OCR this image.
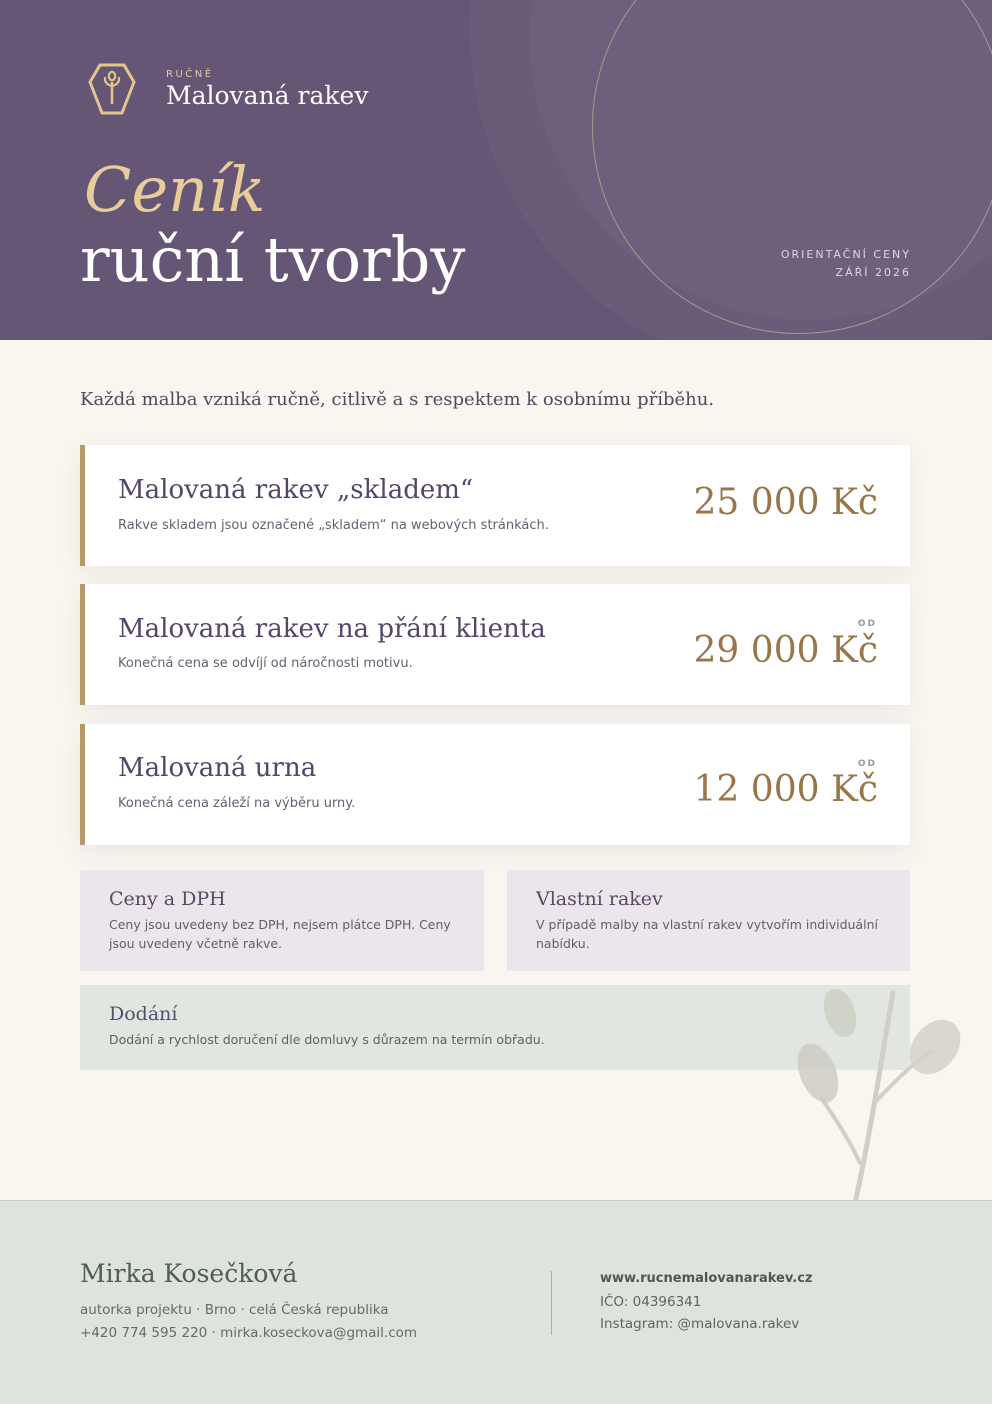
RUČNĚ
Malovaná rakev
Ceník
ruční tvorby	ORIENTAČNÍ CENY
ZÁŘÍ 2026
Každá malba vzniká ručně, citlivě a s respektem k osobnímu příběhu.
Malovaná rakev „skladem“
Rakve skladem jsou označené „skladem“ na webových stránkách.
25 000 Kč
Malovaná rakev na přání klienta
Konečná cena se odvíjí od náročnosti motivu.
OD
29 000 Kč
Malovaná urna
Konečná cena záleží na výběru urny.
OD
12 000 Kč
Ceny a DPH
Ceny jsou uvedeny bez DPH, nejsem plátce DPH. Ceny jsou uvedeny včetně rakve.
Vlastní rakev
V případě malby na vlastní rakev vytvořím individuální nabídku.
Dodání
Dodání a rychlost doručení dle domluvy s důrazem na termín obřadu.
Mirka Kosečková
autorka projektu · Brno · celá Česká republika
+420 774 595 220 · mirka.koseckova@gmail.com
www.rucnemalovanarakev.cz
IČO: 04396341
Instagram: @malovana.rakev
